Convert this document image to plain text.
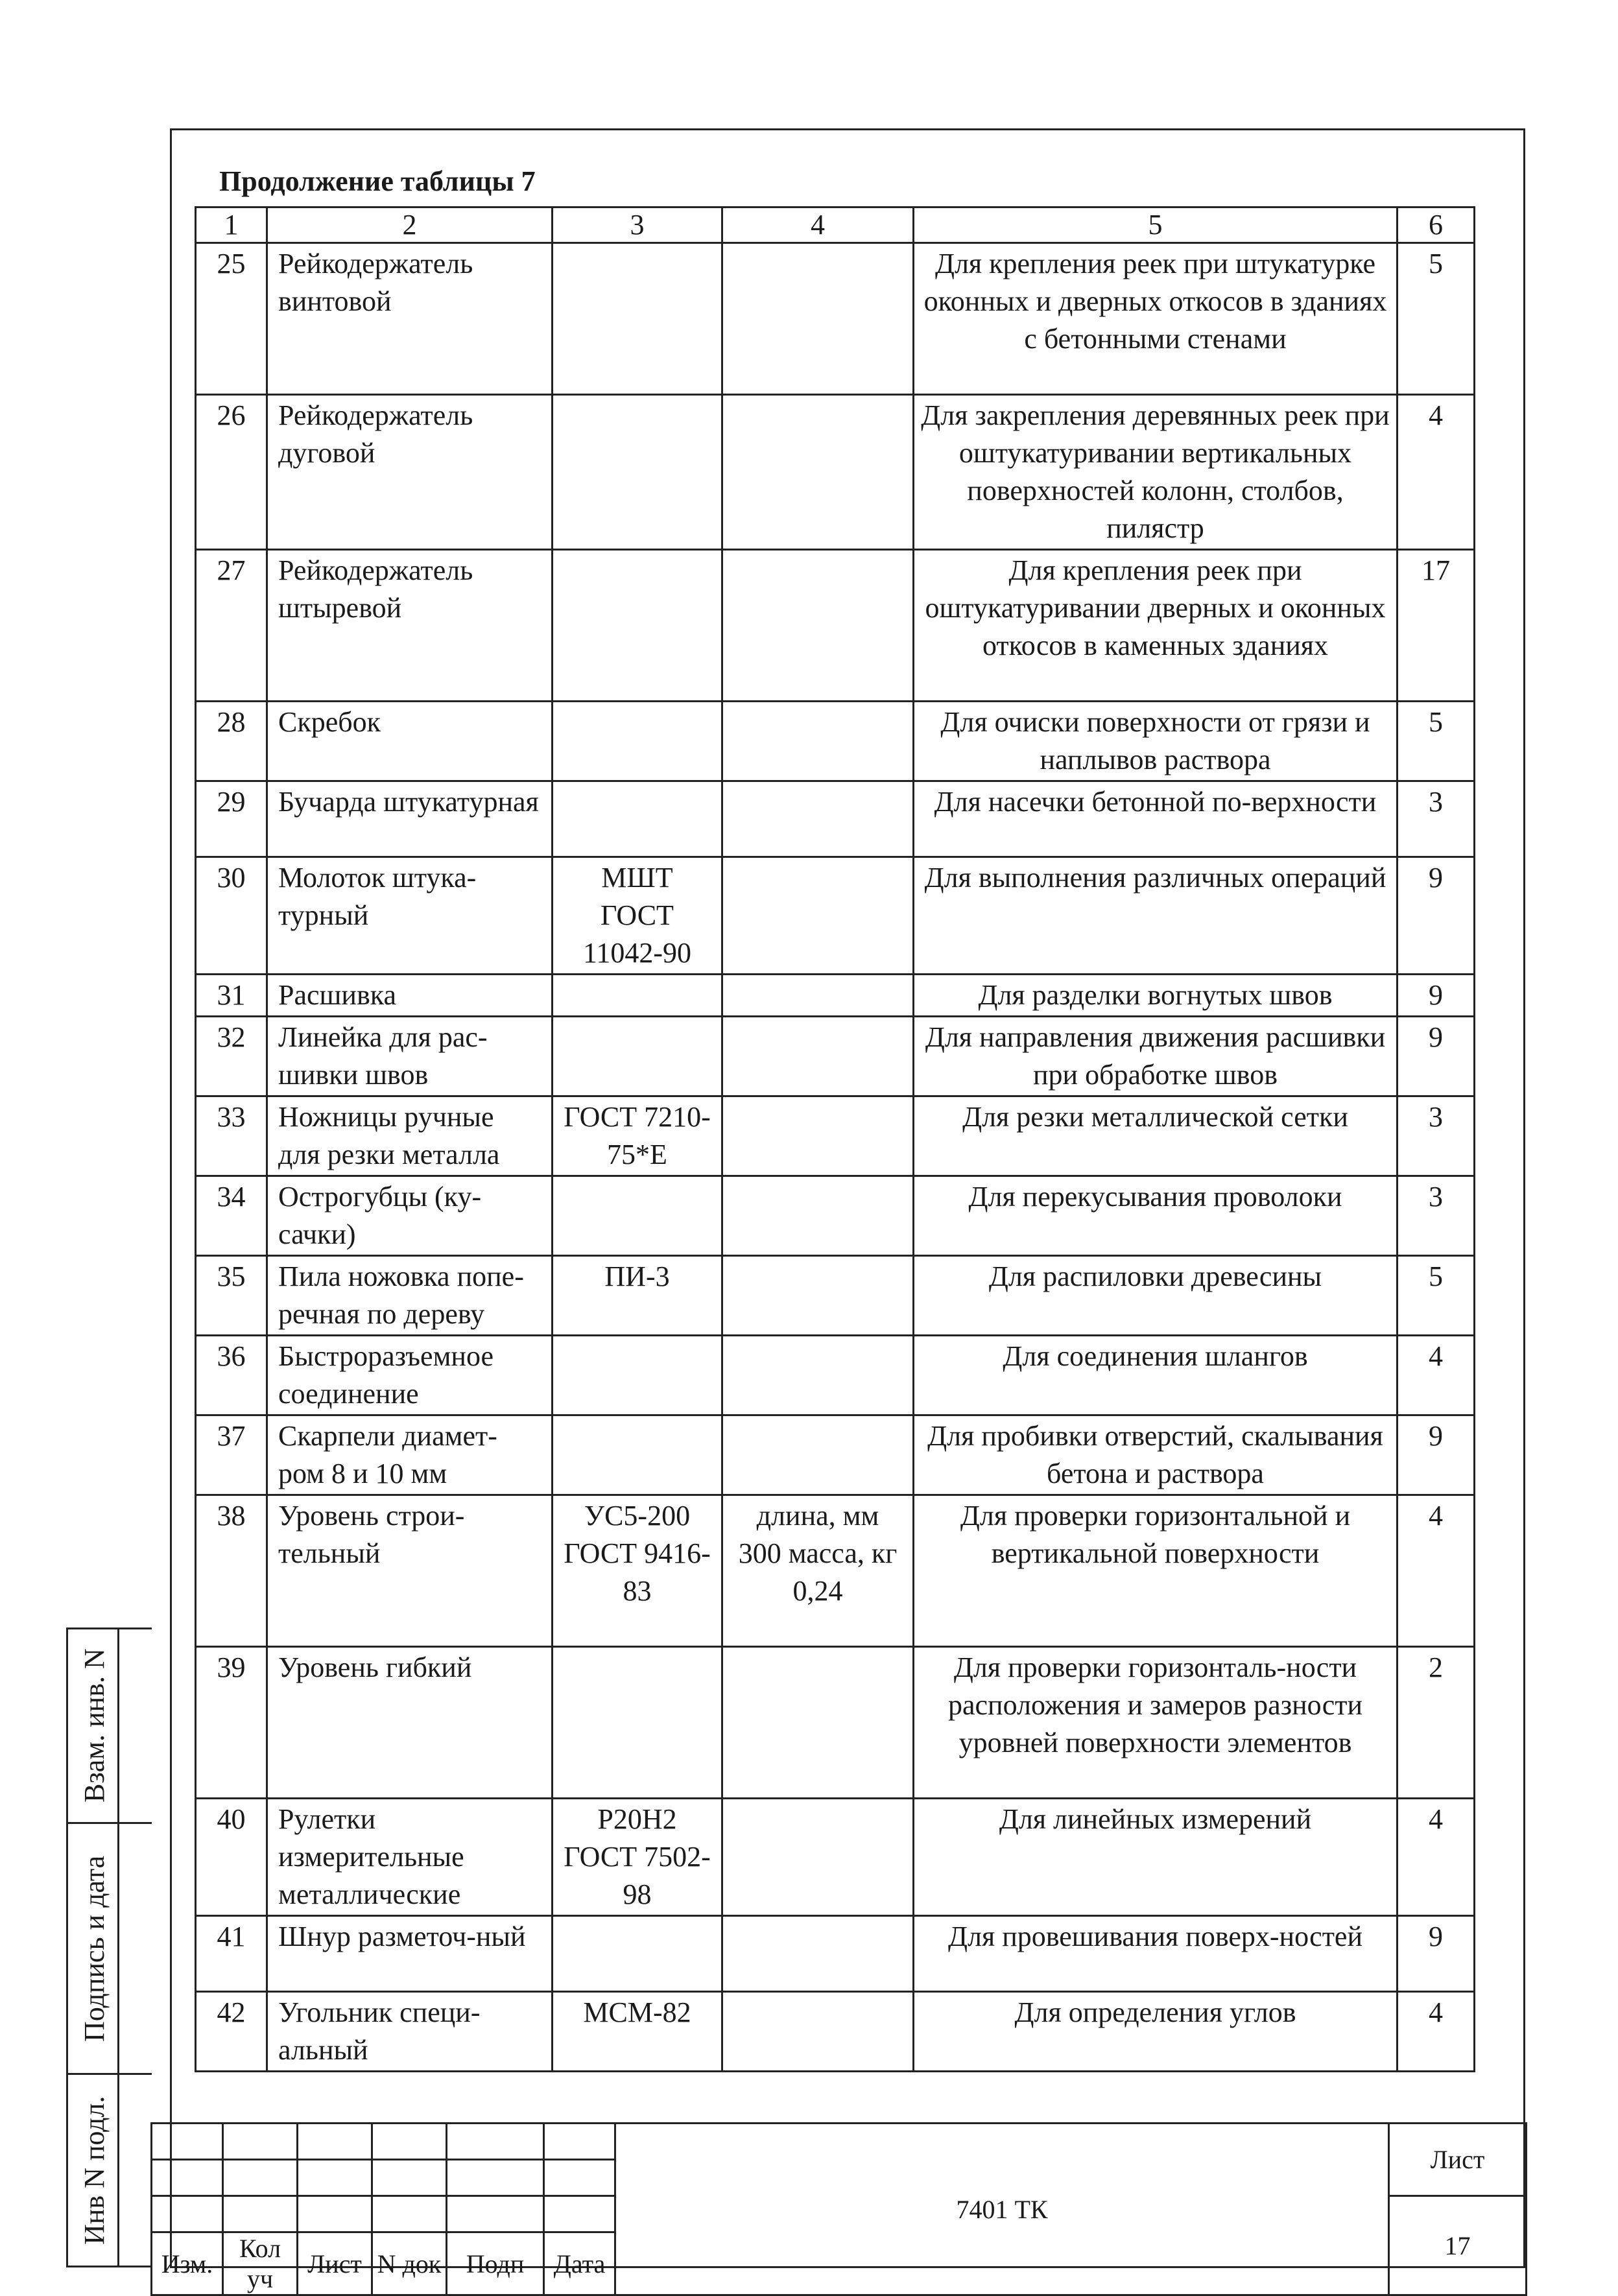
Продолжение таблицы 7
1	2	3	4	5	6
25	Рейкодержатель винтовой			Для крепления реек при штукатурке оконных и дверных откосов в зданиях с бетонными стенами	5
26	Рейкодержатель дуговой			Для закрепления деревянных реек при оштукатуривании вертикальных поверхностей колонн, столбов, пилястр	4
27	Рейкодержатель штыревой			Для крепления реек при оштукатуривании дверных и оконных откосов в каменных зданиях	17
28	Скребок			Для очиски поверхности от грязи и наплывов раствора	5
29	Бучарда штукатурная			Для насечки бетонной по-верхности	3
30	Молоток штука-турный	МШТ ГОСТ 11042-90		Для выполнения различных операций	9
31	Расшивка			Для разделки вогнутых швов	9
32	Линейка для рас-шивки швов			Для направления движения расшивки при обработке швов	9
33	Ножницы ручные для резки металла	ГОСТ 7210-75*Е		Для резки металлической сетки	3
34	Острогубцы (ку-сачки)			Для перекусывания проволоки	3
35	Пила ножовка попе-речная по дереву	ПИ-3		Для распиловки древесины	5
36	Быстроразъемное соединение			Для соединения шлангов	4
37	Скарпели диамет-ром 8 и 10 мм			Для пробивки отверстий, скалывания бетона и раствора	9
38	Уровень строи-тельный	УС5-200 ГОСТ 9416-83	длина, мм 300 масса, кг 0,24	Для проверки горизонтальной и вертикальной поверхности	4
39	Уровень гибкий			Для проверки горизонталь-ности расположения и замеров разности уровней поверхности элементов	2
40	Рулетки измерительные металлические	Р20Н2 ГОСТ 7502-98		Для линейных измерений	4
41	Шнур разметоч-ный			Для провешивания поверх-ностей	9
42	Угольник специ-альный	МСМ-82		Для определения углов	4
Взам. инв. N
Подпись и дата
Инв N подл.
							7401 ТК	Лист

							17
Изм.	Кол уч	Лист	N док	Подп	Дата		
